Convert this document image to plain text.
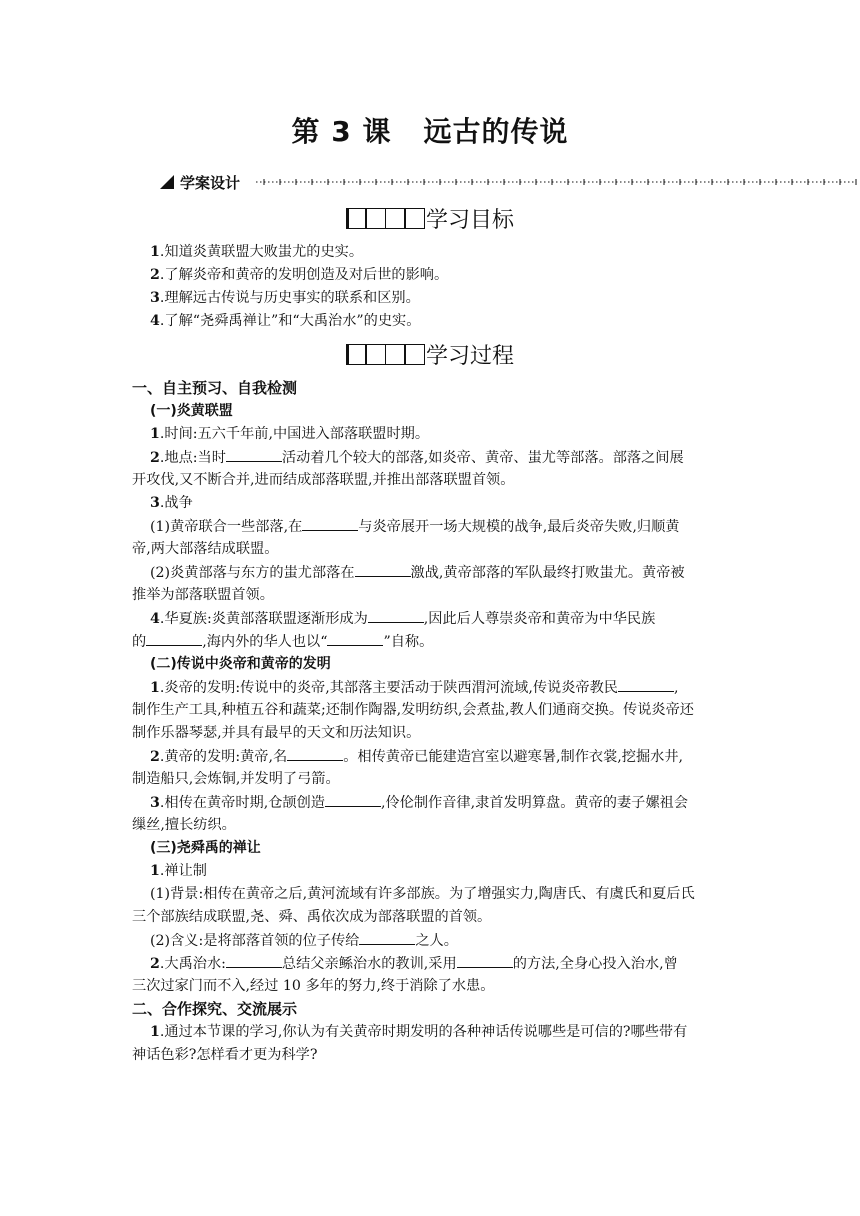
第 3 课 远古的传说
学案设计
学习目标
1.知道炎黄联盟大败蚩尤的史实。
2.了解炎帝和黄帝的发明创造及对后世的影响。
3.理解远古传说与历史事实的联系和区别。
4.了解“尧舜禹禅让”和“大禹治水”的史实。
学习过程
一、自主预习、自我检测
(一)炎黄联盟
1.时间:五六千年前,中国进入部落联盟时期。
2.地点:当时	活动着几个较大的部落,如炎帝、黄帝、蚩尤等部落。部落之间展
开攻伐,又不断合并,进而结成部落联盟,并推出部落联盟首领。
3.战争
(1)黄帝联合一些部落,在	与炎帝展开一场大规模的战争,最后炎帝失败,归顺黄
帝,两大部落结成联盟。
(2)炎黄部落与东方的蚩尤部落在	激战,黄帝部落的军队最终打败蚩尤。黄帝被
推举为部落联盟首领。
4.华夏族:炎黄部落联盟逐渐形成为	,因此后人尊崇炎帝和黄帝为中华民族
的	,海内外的华人也以“	”自称。
(二)传说中炎帝和黄帝的发明
1.炎帝的发明:传说中的炎帝,其部落主要活动于陕西渭河流域,传说炎帝教民	,
制作生产工具,种植五谷和蔬菜;还制作陶器,发明纺织,会煮盐,教人们通商交换。传说炎帝还
制作乐器琴瑟,并具有最早的天文和历法知识。
2.黄帝的发明:黄帝,名	。相传黄帝已能建造宫室以避寒暑,制作衣裳,挖掘水井,
制造船只,会炼铜,并发明了弓箭。
3.相传在黄帝时期,仓颉创造	,伶伦制作音律,隶首发明算盘。黄帝的妻子嫘祖会
缫丝,擅长纺织。
(三)尧舜禹的禅让
1.禅让制
(1)背景:相传在黄帝之后,黄河流域有许多部族。为了增强实力,陶唐氏、有虞氏和夏后氏
三个部族结成联盟,尧、舜、禹依次成为部落联盟的首领。
(2)含义:是将部落首领的位子传给	之人。
2.大禹治水:	总结父亲鲧治水的教训,采用	的方法,全身心投入治水,曾
三次过家门而不入,经过 10 多年的努力,终于消除了水患。
二、合作探究、交流展示
1.通过本节课的学习,你认为有关黄帝时期发明的各种神话传说哪些是可信的?哪些带有
神话色彩?怎样看才更为科学?
